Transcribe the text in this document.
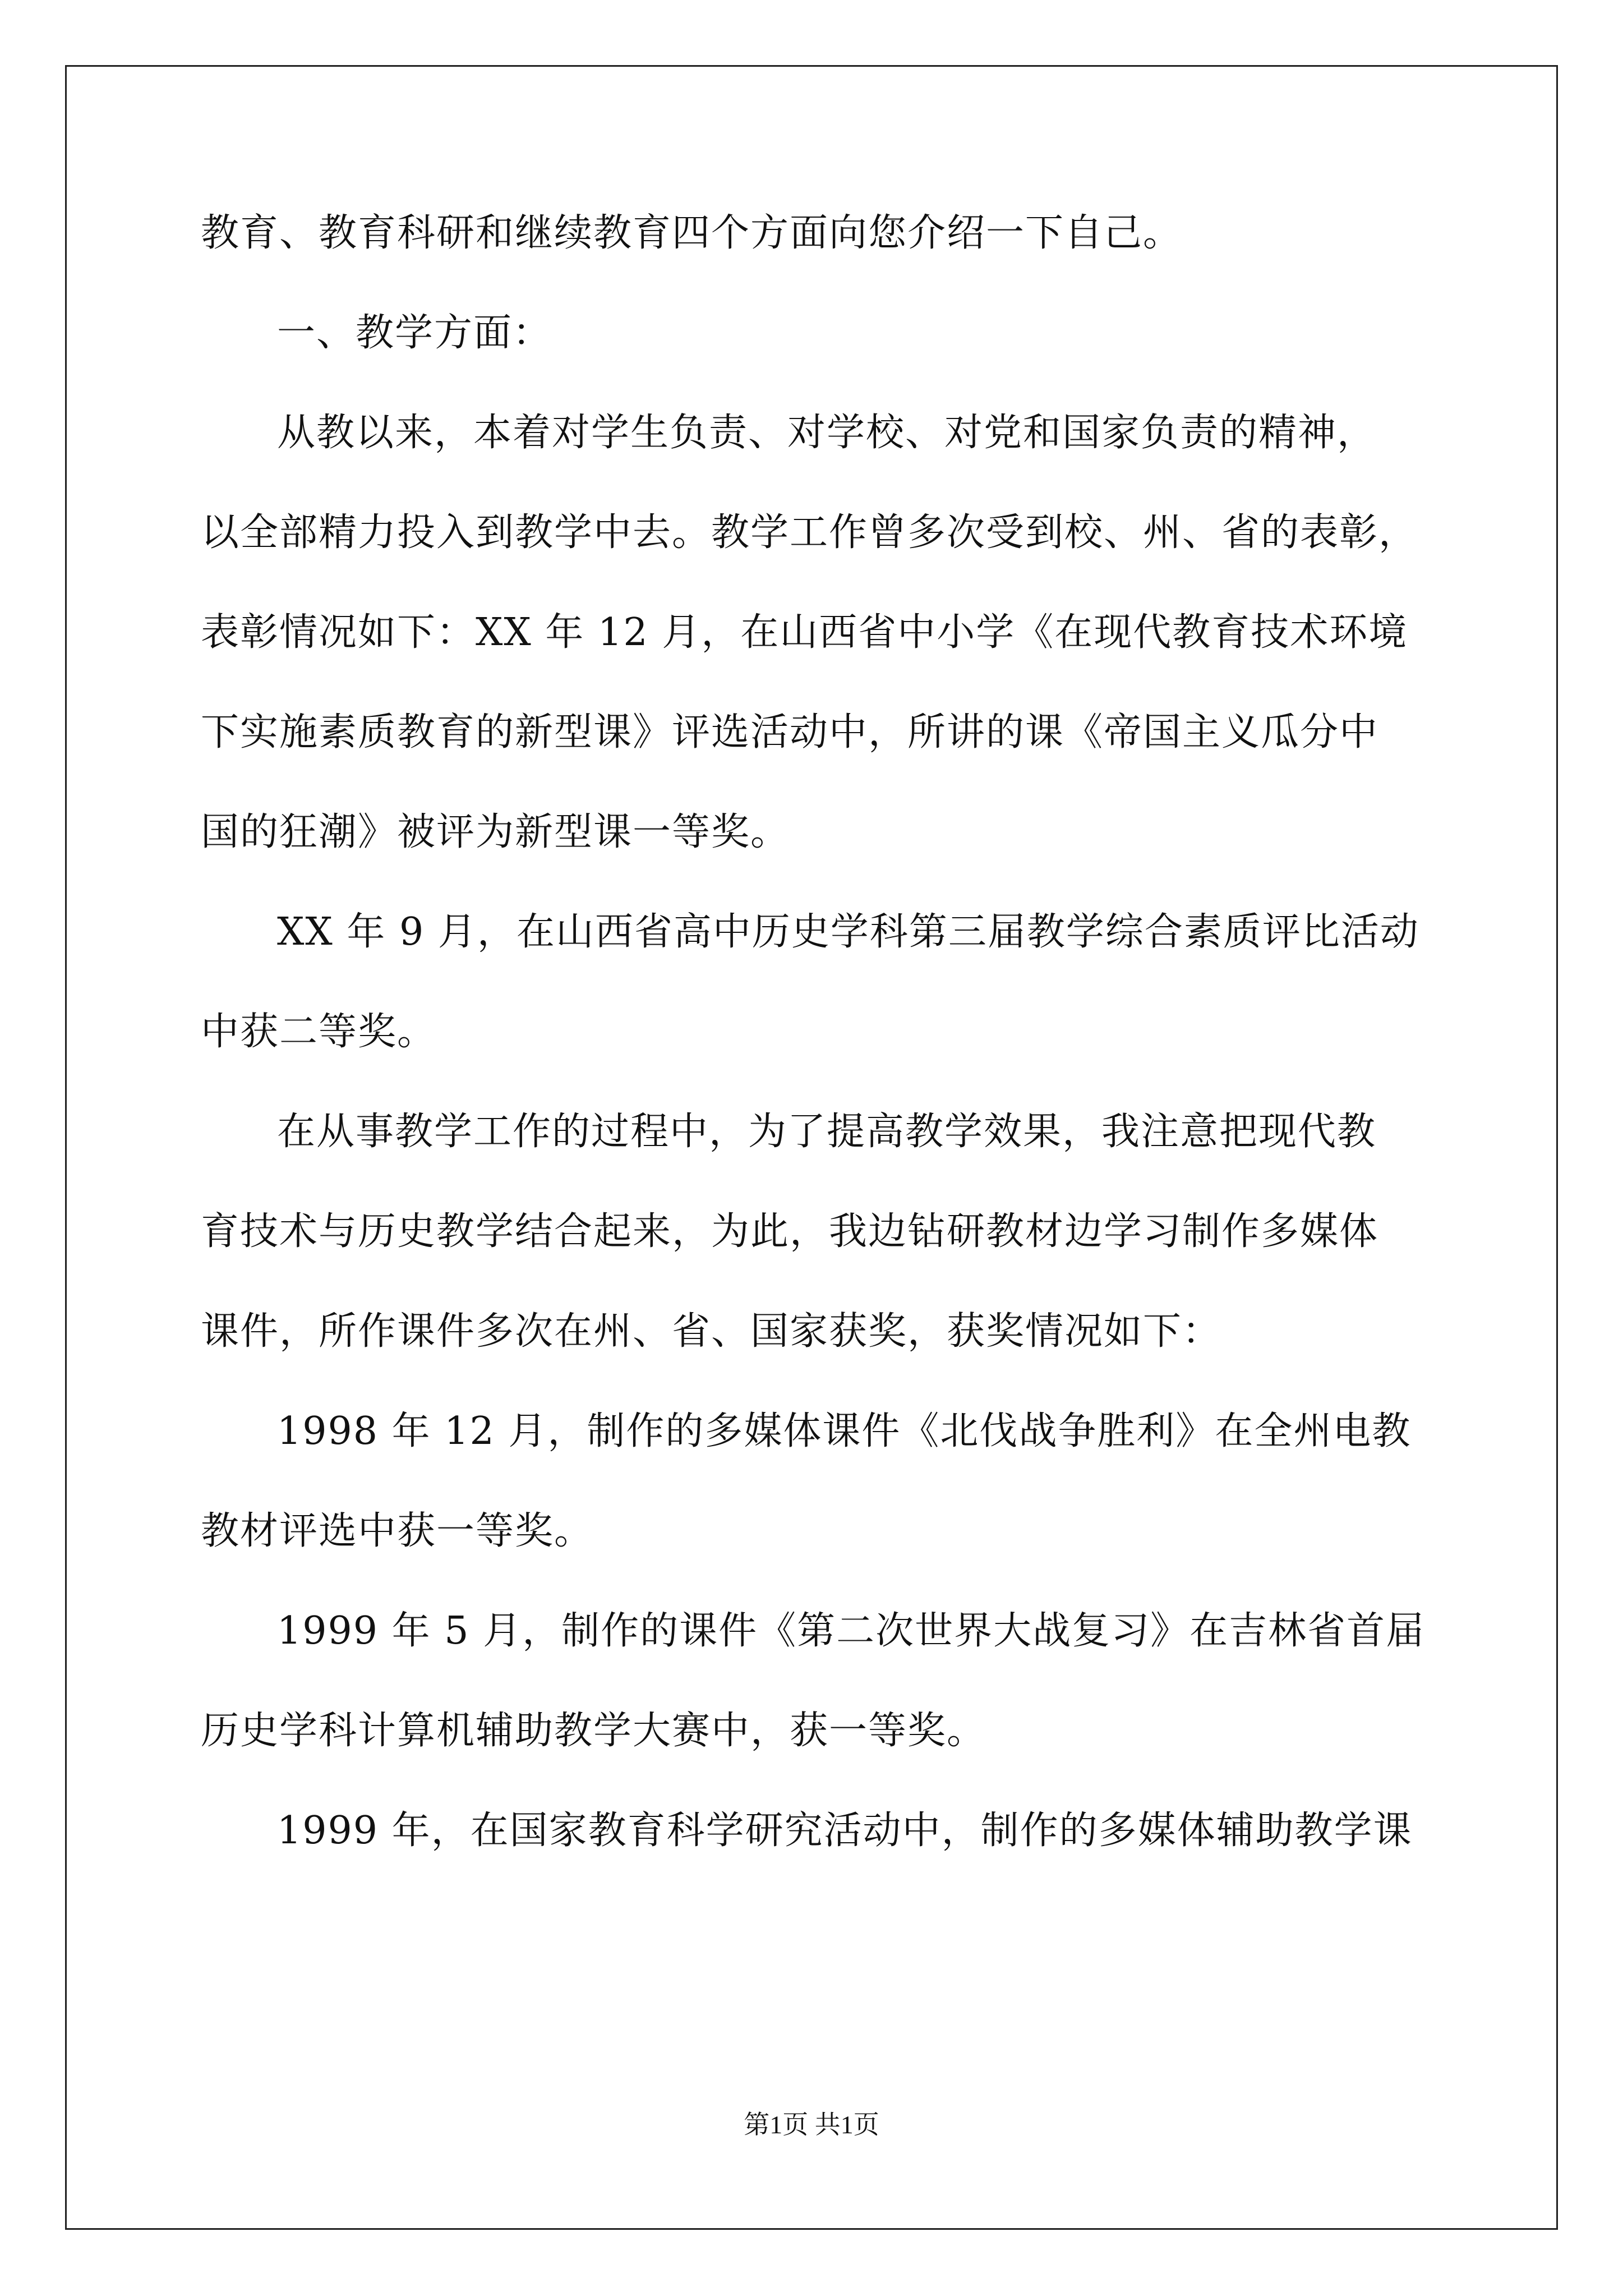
教育、教育科研和继续教育四个方面向您介绍一下自己。
一、教学方面：
从教以来，本着对学生负责、对学校、对党和国家负责的精神，
以全部精力投入到教学中去。教学工作曾多次受到校、州、省的表彰，
表彰情况如下：XX 年 12 月，在山西省中小学《在现代教育技术环境
下实施素质教育的新型课》评选活动中，所讲的课《帝国主义瓜分中
国的狂潮》被评为新型课一等奖。
XX 年 9 月，在山西省高中历史学科第三届教学综合素质评比活动
中获二等奖。
在从事教学工作的过程中，为了提高教学效果，我注意把现代教
育技术与历史教学结合起来，为此，我边钻研教材边学习制作多媒体
课件，所作课件多次在州、省、国家获奖，获奖情况如下：
1998 年 12 月，制作的多媒体课件《北伐战争胜利》在全州电教
教材评选中获一等奖。
1999 年 5 月，制作的课件《第二次世界大战复习》在吉林省首届
历史学科计算机辅助教学大赛中，获一等奖。
1999 年，在国家教育科学研究活动中，制作的多媒体辅助教学课
第1页 共1页
